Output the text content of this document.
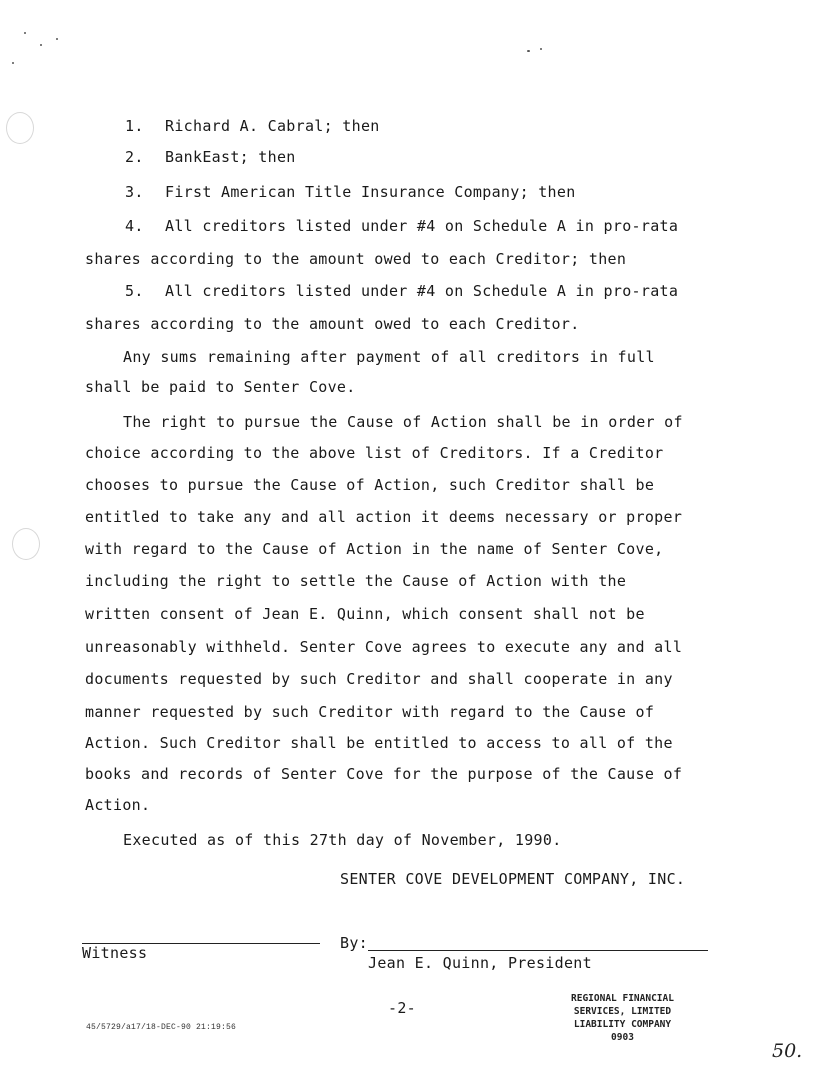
1. Richard A. Cabral; then
2. BankEast; then
3. First American Title Insurance Company; then
4. All creditors listed under #4 on Schedule A in pro-rata
shares according to the amount owed to each Creditor; then
5. All creditors listed under #4 on Schedule A in pro-rata
shares according to the amount owed to each Creditor.
Any sums remaining after payment of all creditors in full
shall be paid to Senter Cove.
The right to pursue the Cause of Action shall be in order of
choice according to the above list of Creditors. If a Creditor
chooses to pursue the Cause of Action, such Creditor shall be
entitled to take any and all action it deems necessary or proper
with regard to the Cause of Action in the name of Senter Cove,
including the right to settle the Cause of Action with the
written consent of Jean E. Quinn, which consent shall not be
unreasonably withheld. Senter Cove agrees to execute any and all
documents requested by such Creditor and shall cooperate in any
manner requested by such Creditor with regard to the Cause of
Action. Such Creditor shall be entitled to access to all of the
books and records of Senter Cove for the purpose of the Cause of
Action.
Executed as of this 27th day of November, 1990.
SENTER COVE DEVELOPMENT COMPANY, INC.
Witness
By:
Jean E. Quinn, President
-2-
45/5729/a17/18-DEC-90 21:19:56
REGIONAL FINANCIAL
SERVICES, LIMITED
LIABILITY COMPANY
0903
50.
